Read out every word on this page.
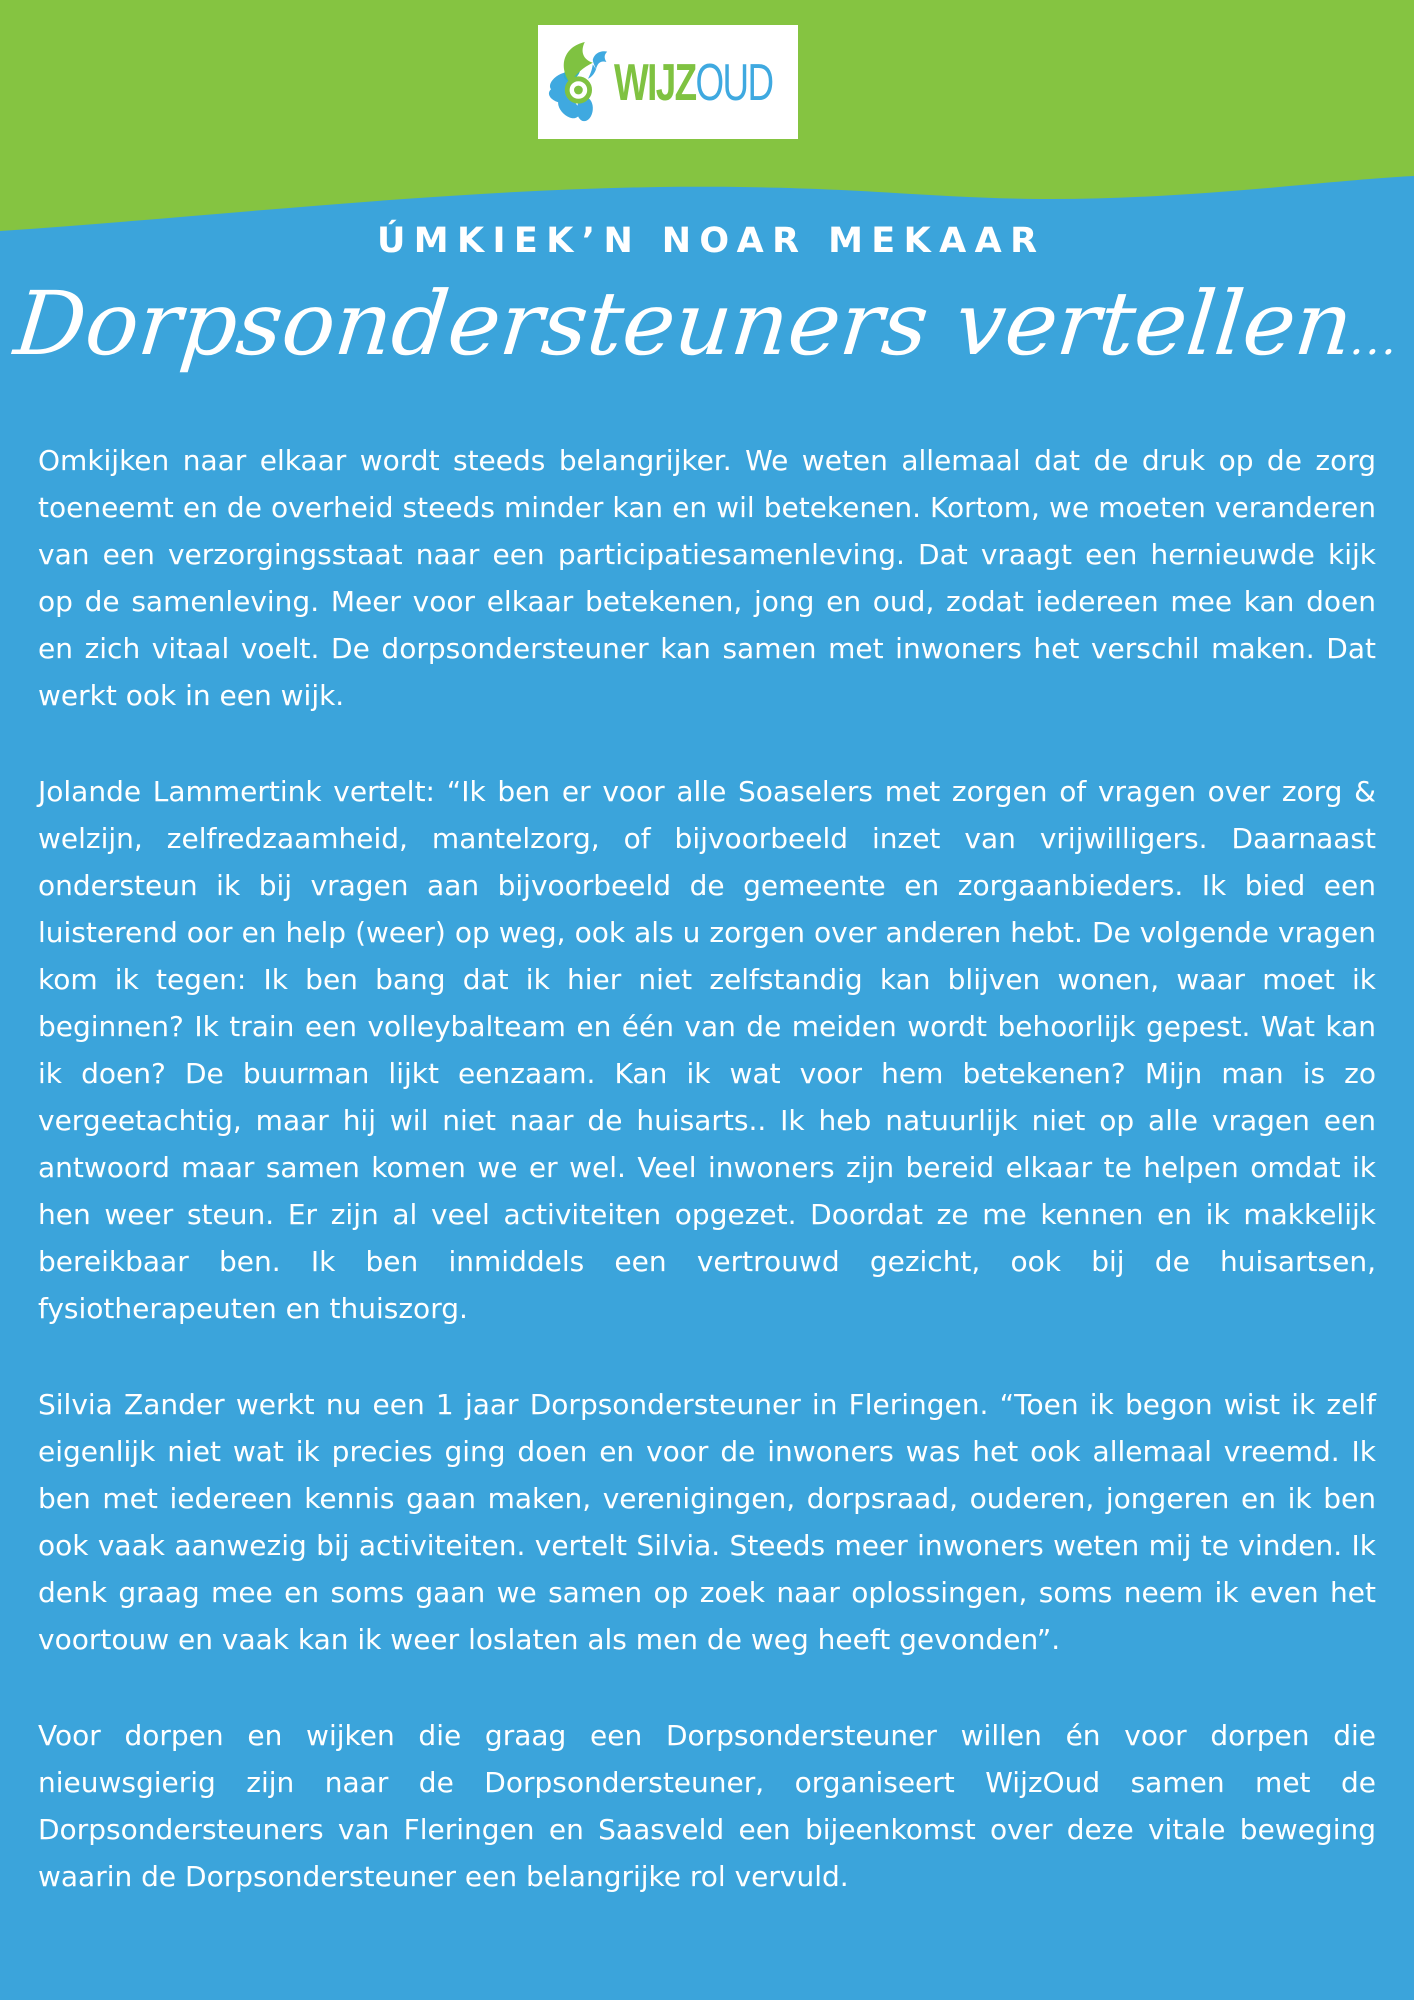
WIJZOUD
ÚMKIEK’N NOAR MEKAAR
Dorpsondersteuners vertellen...

Omkijken naar elkaar wordt steeds belangrijker. We weten allemaal dat de druk op de zorg toeneemt en de overheid steeds minder kan en wil betekenen. Kortom, we moeten veranderen van een verzorgingsstaat naar een participatiesamenleving. Dat vraagt een hernieuwde kijk op de samenleving. Meer voor elkaar betekenen, jong en oud, zodat iedereen mee kan doen en zich vitaal voelt. De dorpsondersteuner kan samen met inwoners het verschil maken. Dat werkt ook in een wijk.

Jolande Lammertink vertelt: “Ik ben er voor alle Soaselers met zorgen of vragen over zorg & welzijn, zelfredzaamheid, mantelzorg, of bijvoorbeeld inzet van vrijwilligers. Daarnaast ondersteun ik bij vragen aan bijvoorbeeld de gemeente en zorgaanbieders. Ik bied een luisterend oor en help (weer) op weg, ook als u zorgen over anderen hebt. De volgende vragen kom ik tegen: Ik ben bang dat ik hier niet zelfstandig kan blijven wonen, waar moet ik beginnen? Ik train een volleybalteam en één van de meiden wordt behoorlijk gepest. Wat kan ik doen? De buurman lijkt eenzaam. Kan ik wat voor hem betekenen? Mijn man is zo vergeetachtig, maar hij wil niet naar de huisarts.. Ik heb natuurlijk niet op alle vragen een antwoord maar samen komen we er wel. Veel inwoners zijn bereid elkaar te helpen omdat ik hen weer steun. Er zijn al veel activiteiten opgezet. Doordat ze me kennen en ik makkelijk bereikbaar ben. Ik ben inmiddels een vertrouwd gezicht, ook bij de huisartsen, fysiotherapeuten en thuiszorg.

Silvia Zander werkt nu een 1 jaar Dorpsondersteuner in Fleringen. “Toen ik begon wist ik zelf eigenlijk niet wat ik precies ging doen en voor de inwoners was het ook allemaal vreemd. Ik ben met iedereen kennis gaan maken, verenigingen, dorpsraad, ouderen, jongeren en ik ben ook vaak aanwezig bij activiteiten. vertelt Silvia. Steeds meer inwoners weten mij te vinden. Ik denk graag mee en soms gaan we samen op zoek naar oplossingen, soms neem ik even het voortouw en vaak kan ik weer loslaten als men de weg heeft gevonden”.

Voor dorpen en wijken die graag een Dorpsondersteuner willen én voor dorpen die nieuwsgierig zijn naar de Dorpsondersteuner, organiseert WijzOud samen met de Dorpsondersteuners van Fleringen en Saasveld een bijeenkomst over deze vitale beweging waarin de Dorpsondersteuner een belangrijke rol vervuld.
